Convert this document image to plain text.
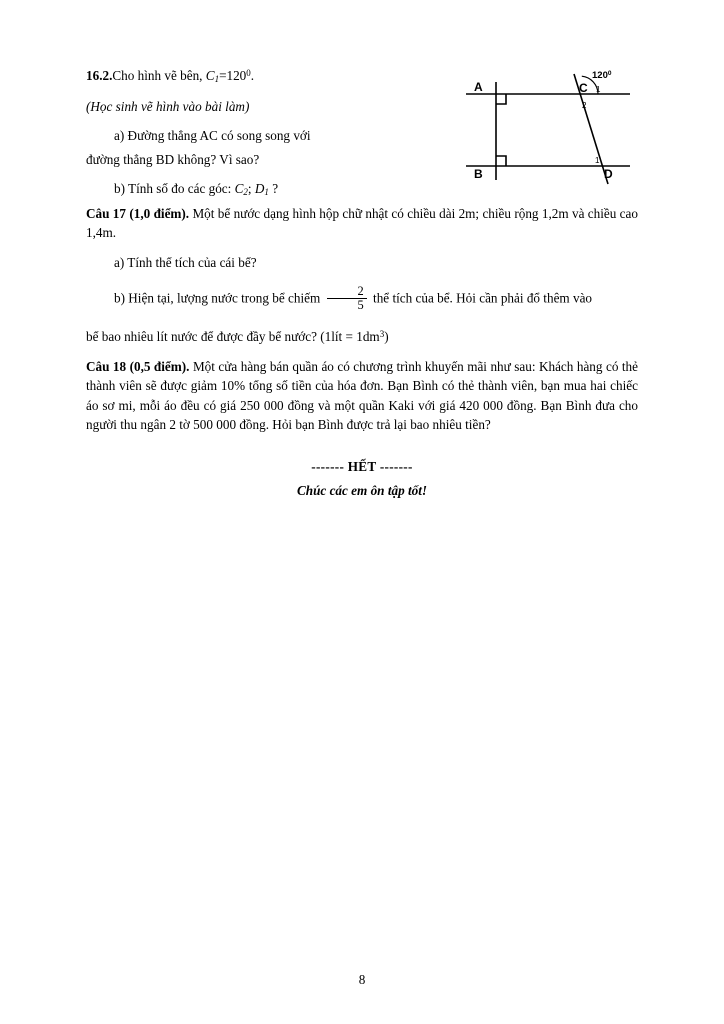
16.2.Cho hình vẽ bên, $C_1=120^0$.

(Học sinh vẽ hình vào bài làm)

a) Đường thẳng AC có song song với

đường thẳng BD không? Vì sao?

b) Tính số đo các góc: $C_2$; $D_1$ ?

A
B
C
D
$120^0$
1
2
1

Câu 17 (1,0 điểm). Một bể nước dạng hình hộp chữ nhật có chiều dài 2m; chiều rộng 1,2m và chiều cao 1,4m.

a) Tính thể tích của cái bể?

b) Hiện tại, lượng nước trong bể chiếm $\frac{2}{5}$ thể tích của bể. Hỏi cần phải đổ thêm vào

bể bao nhiêu lít nước để được đầy bể nước? (1lít = $1dm^3$)

Câu 18 (0,5 điểm). Một cửa hàng bán quần áo có chương trình khuyến mãi như sau: Khách hàng có thẻ thành viên sẽ được giảm 10% tổng số tiền của hóa đơn. Bạn Bình có thẻ thành viên, bạn mua hai chiếc áo sơ mi, mỗi áo đều có giá 250 000 đồng và một quần Kaki với giá 420 000 đồng. Bạn Bình đưa cho người thu ngân 2 tờ 500 000 đồng. Hỏi bạn Bình được trả lại bao nhiêu tiền?

------- HẾT -------

Chúc các em ôn tập tốt!

8
